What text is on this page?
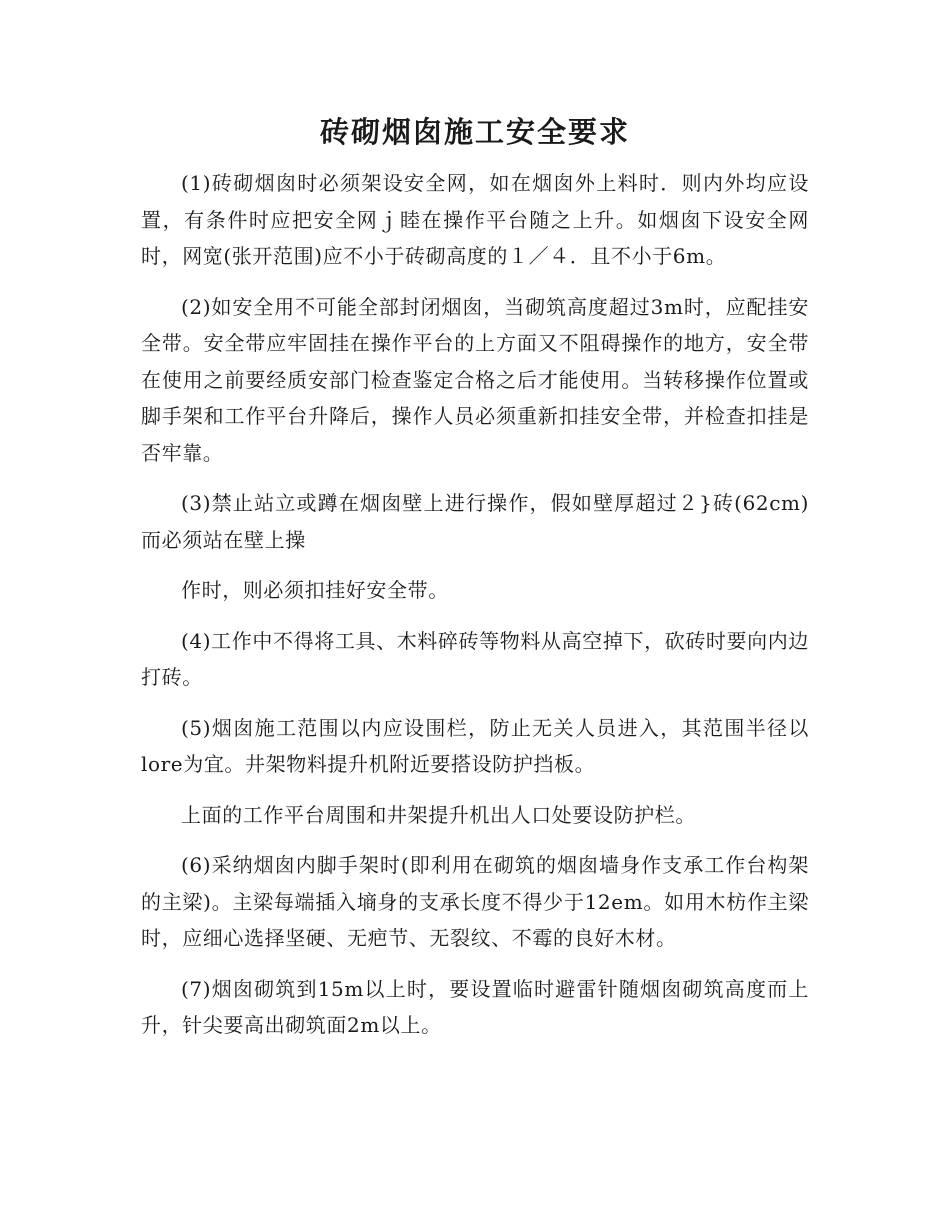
砖砌烟囱施工安全要求

(1)砖砌烟囱时必须架设安全网，如在烟囱外上料时．则内外均应设置，有条件时应把安全网ｊ睦在操作平台随之上升。如烟囱下设安全网时，网宽(张开范围)应不小于砖砌高度的１／４．且不小于6m。

(2)如安全用不可能全部封闭烟囱，当砌筑高度超过3m时，应配挂安全带。安全带应牢固挂在操作平台的上方面又不阻碍操作的地方，安全带在使用之前要经质安部门检查鉴定合格之后才能使用。当转移操作位置或脚手架和工作平台升降后，操作人员必须重新扣挂安全带，并检查扣挂是否牢靠。

(3)禁止站立或蹲在烟囱壁上进行操作，假如壁厚超过２}砖(62cm)而必须站在壁上操

作时，则必须扣挂好安全带。

(4)工作中不得将工具、木料碎砖等物料从高空掉下，砍砖时要向内边打砖。

(5)烟囱施工范围以内应设围栏，防止无关人员进入，其范围半径以lore为宜。井架物料提升机附近要搭设防护挡板。

上面的工作平台周围和井架提升机出人口处要设防护栏。

(6)采纳烟囱内脚手架时(即利用在砌筑的烟囱墙身作支承工作台构架的主梁)。主梁每端插入墒身的支承长度不得少于12em。如用木枋作主梁时，应细心选择坚硬、无疤节、无裂纹、不霉的良好木材。

(7)烟囱砌筑到15m以上时，要设置临时避雷针随烟囱砌筑高度而上升，针尖要高出砌筑面2m以上。
